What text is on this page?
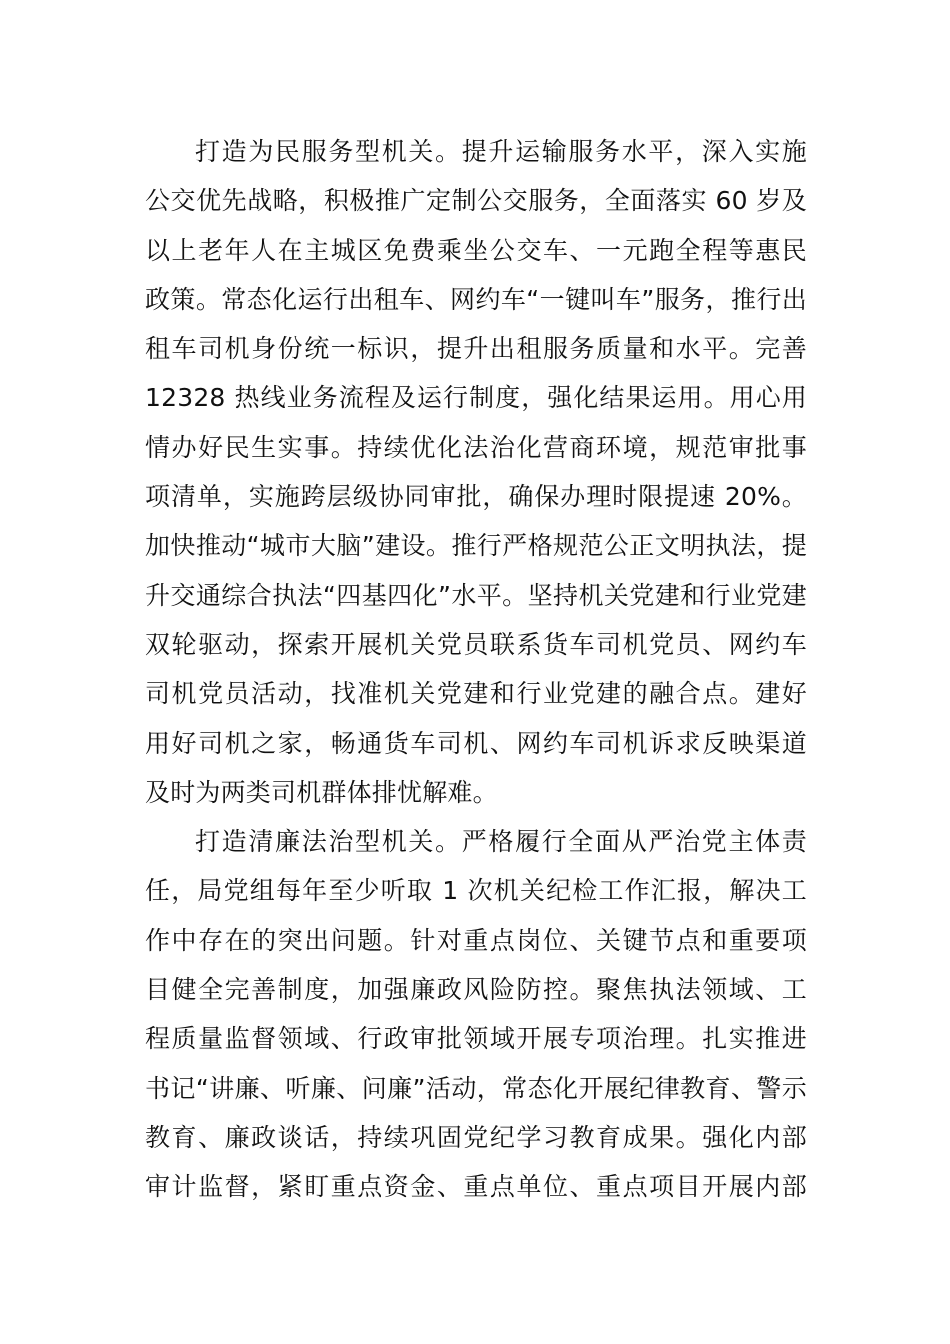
打造为民服务型机关。提升运输服务水平，深入实施
公交优先战略，积极推广定制公交服务，全面落实 60 岁及
以上老年人在主城区免费乘坐公交车、一元跑全程等惠民
政策。常态化运行出租车、网约车“一键叫车”服务，推行出
租车司机身份统一标识，提升出租服务质量和水平。完善
12328 热线业务流程及运行制度，强化结果运用。用心用
情办好民生实事。持续优化法治化营商环境，规范审批事
项清单，实施跨层级协同审批，确保办理时限提速 20%。
加快推动“城市大脑”建设。推行严格规范公正文明执法，提
升交通综合执法“四基四化”水平。坚持机关党建和行业党建
双轮驱动，探索开展机关党员联系货车司机党员、网约车
司机党员活动，找准机关党建和行业党建的融合点。建好
用好司机之家，畅通货车司机、网约车司机诉求反映渠道
及时为两类司机群体排忧解难。
打造清廉法治型机关。严格履行全面从严治党主体责
任，局党组每年至少听取 1 次机关纪检工作汇报，解决工
作中存在的突出问题。针对重点岗位、关键节点和重要项
目健全完善制度，加强廉政风险防控。聚焦执法领域、工
程质量监督领域、行政审批领域开展专项治理。扎实推进
书记“讲廉、听廉、问廉”活动，常态化开展纪律教育、警示
教育、廉政谈话，持续巩固党纪学习教育成果。强化内部
审计监督，紧盯重点资金、重点单位、重点项目开展内部
